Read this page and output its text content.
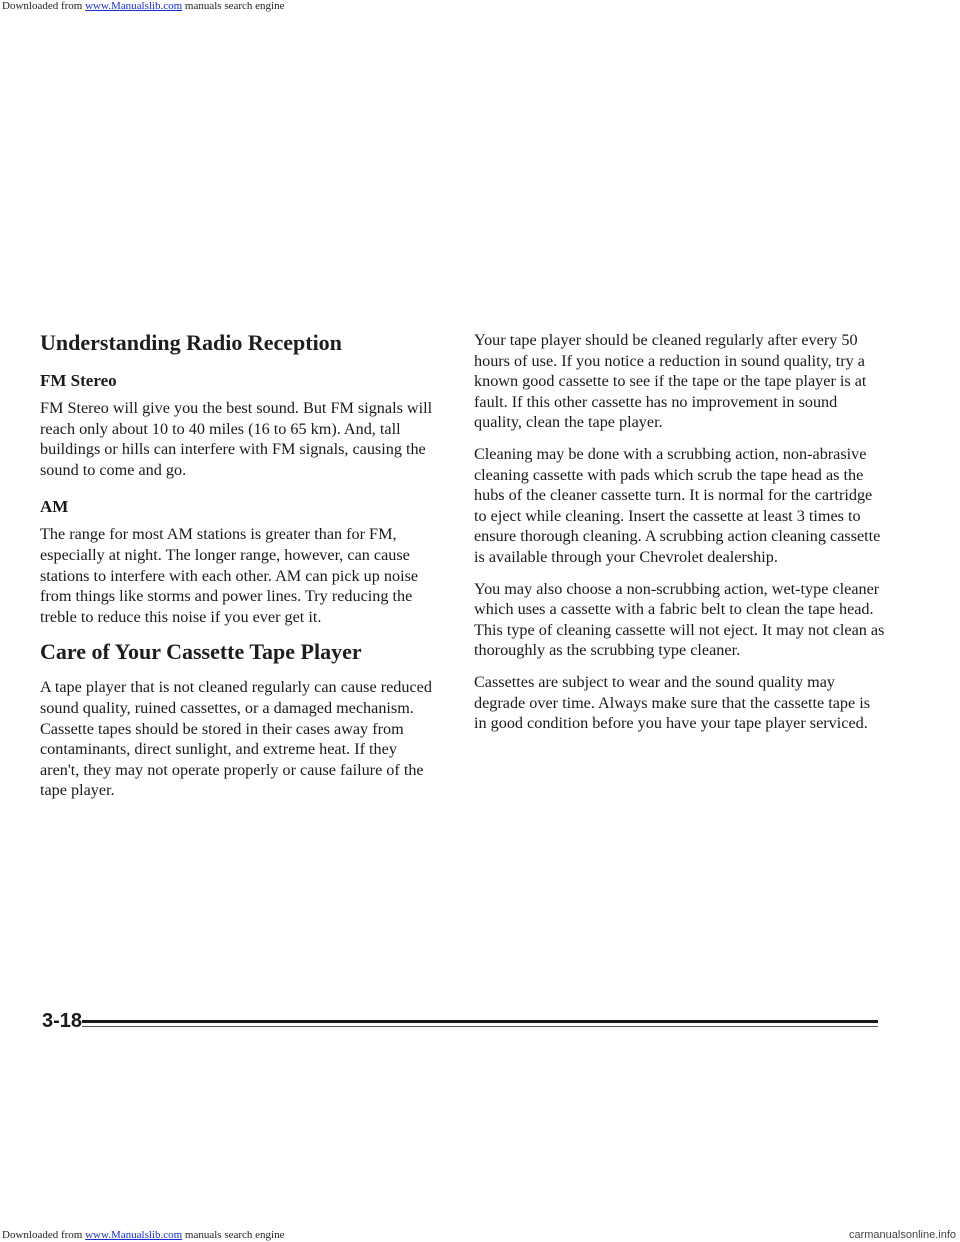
Downloaded from www.Manualslib.com manuals search engine
Understanding Radio Reception
FM Stereo

FM Stereo will give you the best sound. But FM signals will reach only about 10 to 40 miles (16 to 65 km). And, tall buildings or hills can interfere with FM signals, causing the sound to come and go.

AM

The range for most AM stations is greater than for FM, especially at night. The longer range, however, can cause stations to interfere with each other. AM can pick up noise from things like storms and power lines. Try reducing the treble to reduce this noise if you ever get it.

Care of Your Cassette Tape Player

A tape player that is not cleaned regularly can cause reduced sound quality, ruined cassettes, or a damaged mechanism. Cassette tapes should be stored in their cases away from contaminants, direct sunlight, and extreme heat. If they aren't, they may not operate properly or cause failure of the tape player.

Your tape player should be cleaned regularly after every 50 hours of use. If you notice a reduction in sound quality, try a known good cassette to see if the tape or the tape player is at fault. If this other cassette has no improvement in sound quality, clean the tape player.

Cleaning may be done with a scrubbing action, non-abrasive cleaning cassette with pads which scrub the tape head as the hubs of the cleaner cassette turn. It is normal for the cartridge to eject while cleaning. Insert the cassette at least 3 times to ensure thorough cleaning. A scrubbing action cleaning cassette is available through your Chevrolet dealership.

You may also choose a non-scrubbing action, wet-type cleaner which uses a cassette with a fabric belt to clean the tape head. This type of cleaning cassette will not eject. It may not clean as thoroughly as the scrubbing type cleaner.

Cassettes are subject to wear and the sound quality may degrade over time. Always make sure that the cassette tape is in good condition before you have your tape player serviced.

3-18
Downloaded from www.Manualslib.com manuals search engine	carmanualsonline.info
